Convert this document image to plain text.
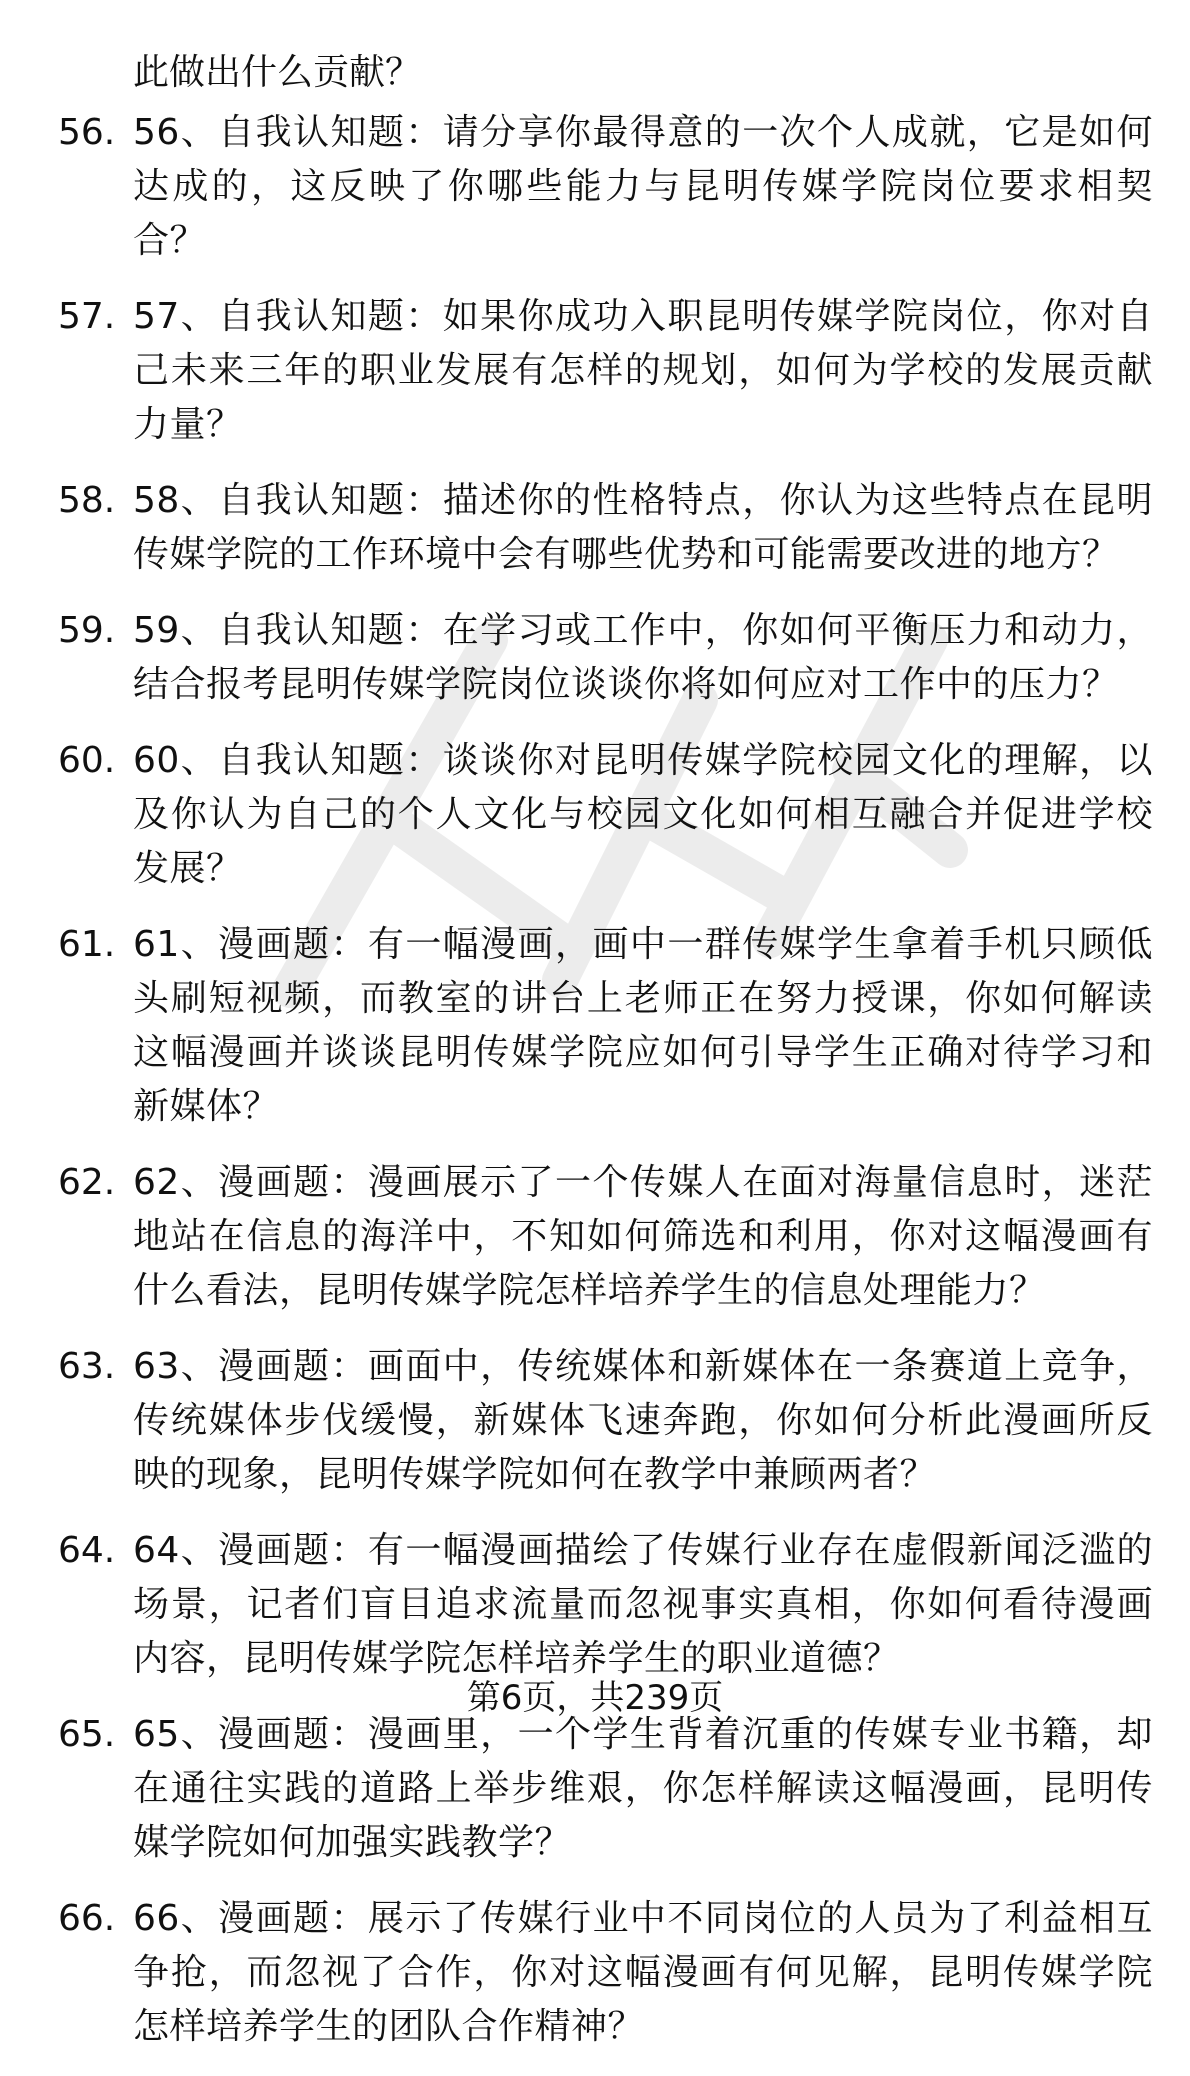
此做出什么贡献？
56. 56、自我认知题：请分享你最得意的一次个人成就，它是如何达成的，这反映了你哪些能力与昆明传媒学院岗位要求相契合？
57. 57、自我认知题：如果你成功入职昆明传媒学院岗位，你对自己未来三年的职业发展有怎样的规划，如何为学校的发展贡献力量？
58. 58、自我认知题：描述你的性格特点，你认为这些特点在昆明传媒学院的工作环境中会有哪些优势和可能需要改进的地方？
59. 59、自我认知题：在学习或工作中，你如何平衡压力和动力，结合报考昆明传媒学院岗位谈谈你将如何应对工作中的压力？
60. 60、自我认知题：谈谈你对昆明传媒学院校园文化的理解，以及你认为自己的个人文化与校园文化如何相互融合并促进学校发展？
61. 61、漫画题：有一幅漫画，画中一群传媒学生拿着手机只顾低头刷短视频，而教室的讲台上老师正在努力授课，你如何解读这幅漫画并谈谈昆明传媒学院应如何引导学生正确对待学习和新媒体？
62. 62、漫画题：漫画展示了一个传媒人在面对海量信息时，迷茫地站在信息的海洋中，不知如何筛选和利用，你对这幅漫画有什么看法，昆明传媒学院怎样培养学生的信息处理能力？
63. 63、漫画题：画面中，传统媒体和新媒体在一条赛道上竞争，传统媒体步伐缓慢，新媒体飞速奔跑，你如何分析此漫画所反映的现象，昆明传媒学院如何在教学中兼顾两者？
64. 64、漫画题：有一幅漫画描绘了传媒行业存在虚假新闻泛滥的场景，记者们盲目追求流量而忽视事实真相，你如何看待漫画内容，昆明传媒学院怎样培养学生的职业道德？
65. 65、漫画题：漫画里，一个学生背着沉重的传媒专业书籍，却在通往实践的道路上举步维艰，你怎样解读这幅漫画，昆明传媒学院如何加强实践教学？
66. 66、漫画题：展示了传媒行业中不同岗位的人员为了利益相互争抢，而忽视了合作，你对这幅漫画有何见解，昆明传媒学院怎样培养学生的团队合作精神？
第6页，共239页
